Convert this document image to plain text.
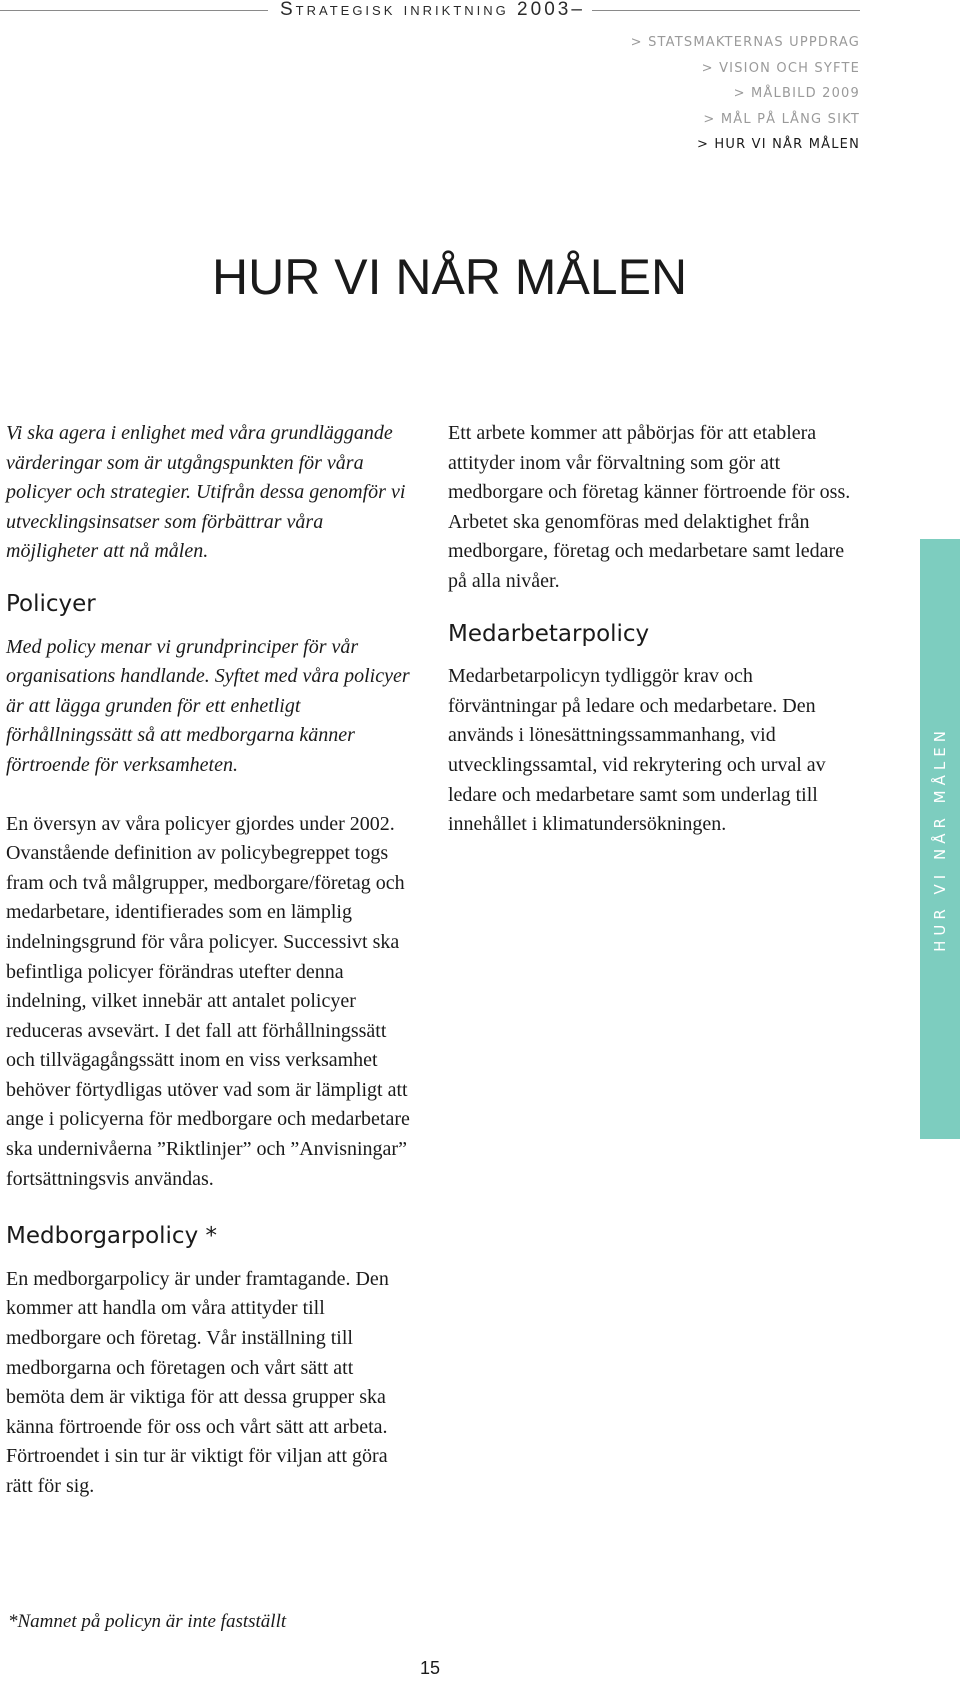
Strategisk inriktning 2003–
> STATSMAKTERNAS UPPDRAG
> VISION OCH SYFTE
> MÅLBILD 2009
> MÅL PÅ LÅNG SIKT
> HUR VI NÅR MÅLEN
HUR VI NÅR MÅLEN

Vi ska agera i enlighet med våra grundläggande värderingar som är utgångspunkten för våra policyer och strategier. Utifrån dessa genomför vi utvecklingsinsatser som förbättrar våra möjligheter att nå målen.

Policyer

Med policy menar vi grundprinciper för vår organisations handlande. Syftet med våra policyer är att lägga grunden för ett enhetligt förhållningssätt så att medborgarna känner förtroende för verksamheten.

En översyn av våra policyer gjordes under 2002. Ovanstående definition av policybegreppet togs fram och två målgrupper, medborgare/företag och medarbetare, identifierades som en lämplig indelningsgrund för våra policyer. Successivt ska befintliga policyer förändras utefter denna indelning, vilket innebär att antalet policyer reduceras avsevärt. I det fall att förhållningssätt och tillvägagångssätt inom en viss verksamhet behöver förtydligas utöver vad som är lämpligt att ange i policyerna för medborgare och medarbetare ska undernivåerna ”Riktlinjer” och ”Anvisningar” fortsättningsvis användas.

Medborgarpolicy *

En medborgarpolicy är under framtagande. Den kommer att handla om våra attityder till medborgare och företag. Vår inställning till medborgarna och företagen och vårt sätt att bemöta dem är viktiga för att dessa grupper ska känna förtroende för oss och vårt sätt att arbeta. Förtroendet i sin tur är viktigt för viljan att göra rätt för sig.

Ett arbete kommer att påbörjas för att etablera attityder inom vår förvaltning som gör att medborgare och företag känner förtroende för oss. Arbetet ska genomföras med delaktighet från medborgare, företag och medarbetare samt ledare på alla nivåer.

Medarbetarpolicy

Medarbetarpolicyn tydliggör krav och förväntningar på ledare och medarbetare. Den används i lönesättningssammanhang, vid utvecklingssamtal, vid rekrytering och urval av ledare och medarbetare samt som underlag till innehållet i klimatundersökningen.

*Namnet på policyn är inte fastställt
15
HUR VI NÅR MÅLEN
